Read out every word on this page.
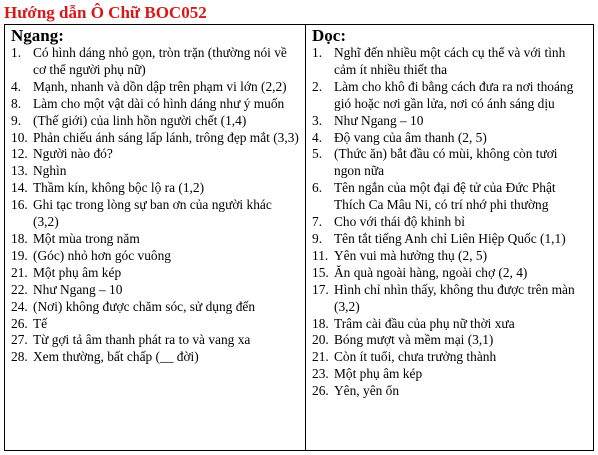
Hướng dẫn Ô Chữ BOC052
Ngang:
1. Có hình dáng nhỏ gọn, tròn trặn (thường nói về cơ thể người phụ nữ)
4. Mạnh, nhanh và dồn dập trên phạm vi lớn (2,2)
8. Làm cho một vật dài có hình dáng như ý muốn
9. (Thế giới) của linh hồn người chết (1,4)
10. Phản chiếu ánh sáng lấp lánh, trông đẹp mắt (3,3)
12. Người nào đó?
13. Nghìn
14. Thầm kín, không bộc lộ ra (1,2)
16. Ghi tạc trong lòng sự ban ơn của người khác (3,2)
18. Một mùa trong năm
19. (Góc) nhỏ hơn góc vuông
21. Một phụ âm kép
22. Như Ngang – 10
24. (Nơi) không được chăm sóc, sử dụng đến
26. Tế
27. Từ gợi tả âm thanh phát ra to và vang xa
28. Xem thường, bất chấp (__ đời)
Dọc:
1. Nghĩ đến nhiều một cách cụ thể và với tình cảm ít nhiều thiết tha
2. Làm cho khô đi bằng cách đưa ra nơi thoáng gió hoặc nơi gần lửa, nơi có ánh sáng dịu
3. Như Ngang – 10
4. Độ vang của âm thanh (2, 5)
5. (Thức ăn) bắt đầu có mùi, không còn tươi ngon nữa
6. Tên ngắn của một đại đệ tử của Đức Phật Thích Ca Mâu Ni, có trí nhớ phi thường
7. Cho với thái độ khinh bỉ
9. Tên tắt tiếng Anh chỉ Liên Hiệp Quốc (1,1)
11. Yên vui mà hưởng thụ (2, 5)
15. Ăn quà ngoài hàng, ngoài chợ (2, 4)
17. Hình chỉ nhìn thấy, không thu được trên màn (3,2)
18. Trâm cài đầu của phụ nữ thời xưa
20. Bóng mượt và mềm mại (3,1)
21. Còn ít tuổi, chưa trưởng thành
23. Một phụ âm kép
26. Yên, yên ổn
